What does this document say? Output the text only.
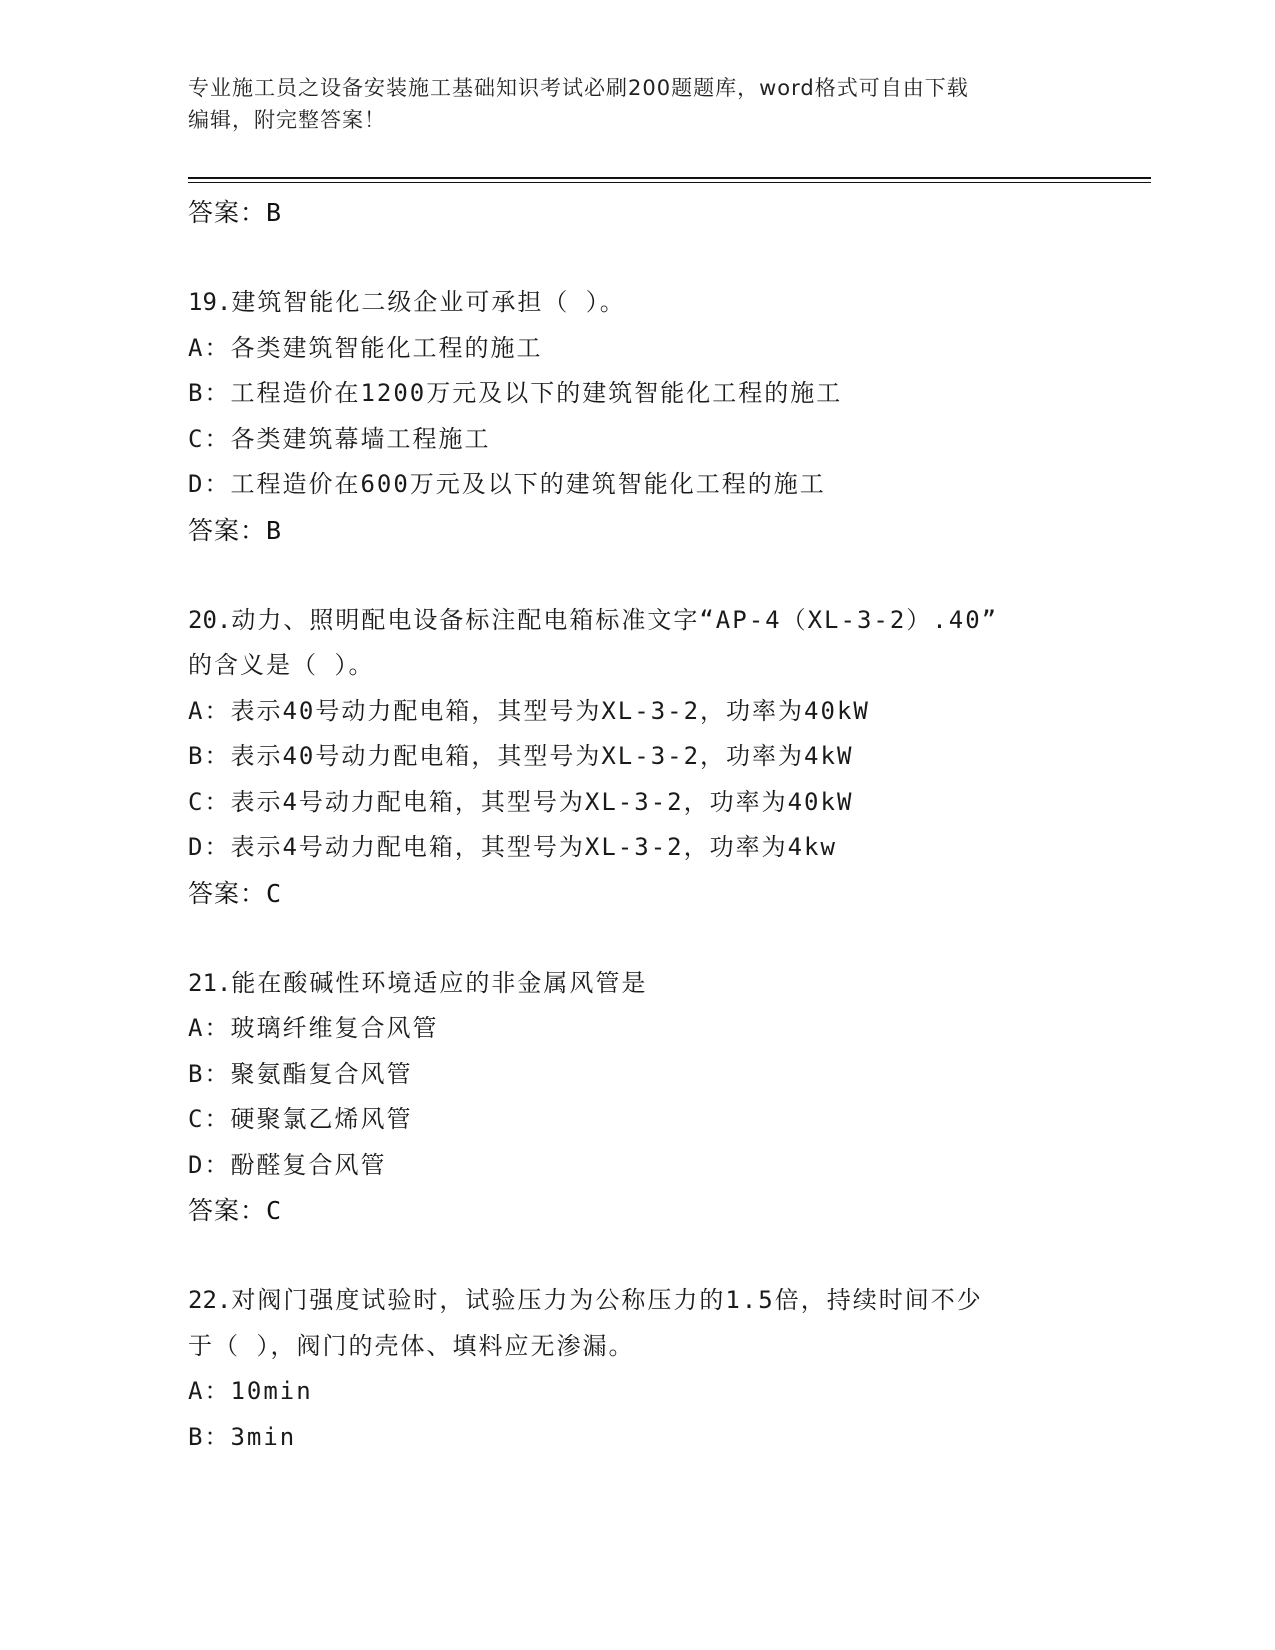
专业施工员之设备安装施工基础知识考试必刷200题题库，word格式可自由下载
编辑，附完整答案！
答案：B
19.建筑智能化二级企业可承担（ ）。
A：各类建筑智能化工程的施工
B：工程造价在1200万元及以下的建筑智能化工程的施工
C：各类建筑幕墙工程施工
D：工程造价在600万元及以下的建筑智能化工程的施工
答案：B
20.动力、照明配电设备标注配电箱标准文字“AP-4（XL-3-2）.40”
的含义是（ ）。
A：表示40号动力配电箱，其型号为XL-3-2，功率为40kW
B：表示40号动力配电箱，其型号为XL-3-2，功率为4kW
C：表示4号动力配电箱，其型号为XL-3-2，功率为40kW
D：表示4号动力配电箱，其型号为XL-3-2，功率为4kw
答案：C
21.能在酸碱性环境适应的非金属风管是
A：玻璃纤维复合风管
B：聚氨酯复合风管
C：硬聚氯乙烯风管
D：酚醛复合风管
答案：C
22.对阀门强度试验时，试验压力为公称压力的1.5倍，持续时间不少
于（ ），阀门的壳体、填料应无渗漏。
A：10min
B：3min
